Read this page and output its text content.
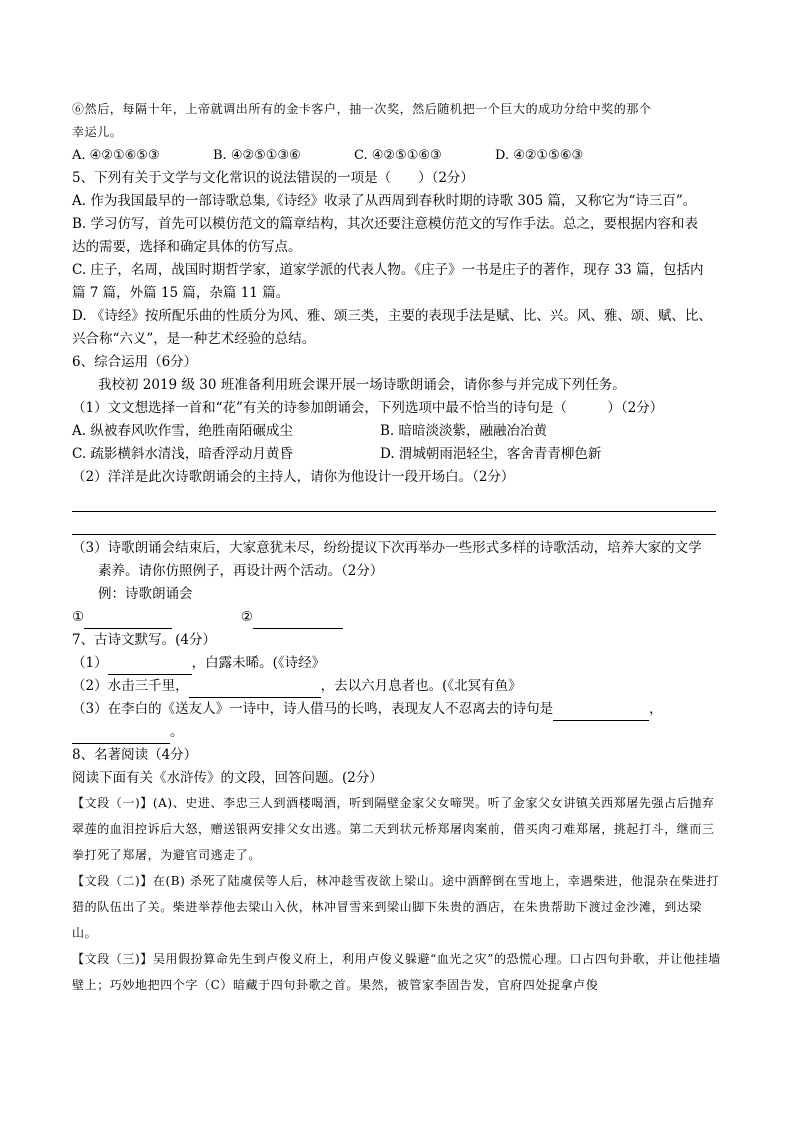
⑥然后，每隔十年，上帝就调出所有的金卡客户，抽一次奖，然后随机把一个巨大的成功分给中奖的那个
幸运儿。
A. ④②①⑥⑤③	B. ④②⑤①③⑥	C. ④②⑤①⑥③	D. ④②①⑤⑥③
5、下列有关于文学与文化常识的说法错误的一项是（　　）（2分）
A. 作为我国最早的一部诗歌总集,《诗经》收录了从西周到春秋时期的诗歌 305 篇，又称它为“诗三百”。
B. 学习仿写，首先可以模仿范文的篇章结构，其次还要注意模仿范文的写作手法。总之，要根据内容和表
达的需要，选择和确定具体的仿写点。
C. 庄子，名周，战国时期哲学家，道家学派的代表人物。《庄子》一书是庄子的著作，现存 33 篇，包括内
篇 7 篇，外篇 15 篇，杂篇 11 篇。
D. 《诗经》按所配乐曲的性质分为风、雅、颂三类，主要的表现手法是赋、比、兴。风、雅、颂、赋、比、
兴合称“六义”，是一种艺术经验的总结。
6、综合运用（6分）
我校初 2019 级 30 班准备利用班会课开展一场诗歌朗诵会，请你参与并完成下列任务。
（1）文文想选择一首和“花”有关的诗参加朗诵会，下列选项中最不恰当的诗句是（　　　）（2分）
A. 纵被春风吹作雪，绝胜南陌碾成尘	B. 暗暗淡淡紫，融融冶冶黄
C. 疏影横斜水清浅，暗香浮动月黄昏	D. 渭城朝雨浥轻尘，客舍青青柳色新
（2）洋洋是此次诗歌朗诵会的主持人，请你为他设计一段开场白。（2分）
（3）诗歌朗诵会结束后，大家意犹未尽，纷纷提议下次再举办一些形式多样的诗歌活动，培养大家的文学
素养。请你仿照例子，再设计两个活动。（2分）
例：诗歌朗诵会
①	②
7、古诗文默写。(4分）
（1）	，白露未晞。(《诗经》
（2）水击三千里，	，去以六月息者也。(《北冥有鱼》
（3）在李白的《送友人》一诗中，诗人借马的长鸣，表现友人不忍离去的诗句是	，
。
8、名著阅读（4分）
阅读下面有关《水浒传》的文段，回答问题。(2分）
【文段（一)】(A)、史进、李忠三人到酒楼喝酒，听到隔壁金家父女啼哭。听了金家父女讲镇关西郑屠先强占后抛弃翠莲的血泪控诉后大怒，赠送银两安排父女出逃。第二天到状元桥郑屠肉案前，借买肉刁难郑屠，挑起打斗，继而三拳打死了郑屠，为避官司逃走了。
【文段（二)】在(B) 杀死了陆虞侯等人后，林冲趁雪夜欲上梁山。途中酒醉倒在雪地上，幸遇柴进，他混杂在柴进打猎的队伍出了关。柴进举荐他去梁山入伙，林冲冒雪来到梁山脚下朱贵的酒店，在朱贵帮助下渡过金沙滩，到达梁山。
【文段（三)】吴用假扮算命先生到卢俊义府上，利用卢俊义躲避“血光之灾”的恐慌心理。口占四句卦歌，并让他挂墙壁上；巧妙地把四个字（C）暗藏于四句卦歌之首。果然，被管家李固告发，官府四处捉拿卢俊
